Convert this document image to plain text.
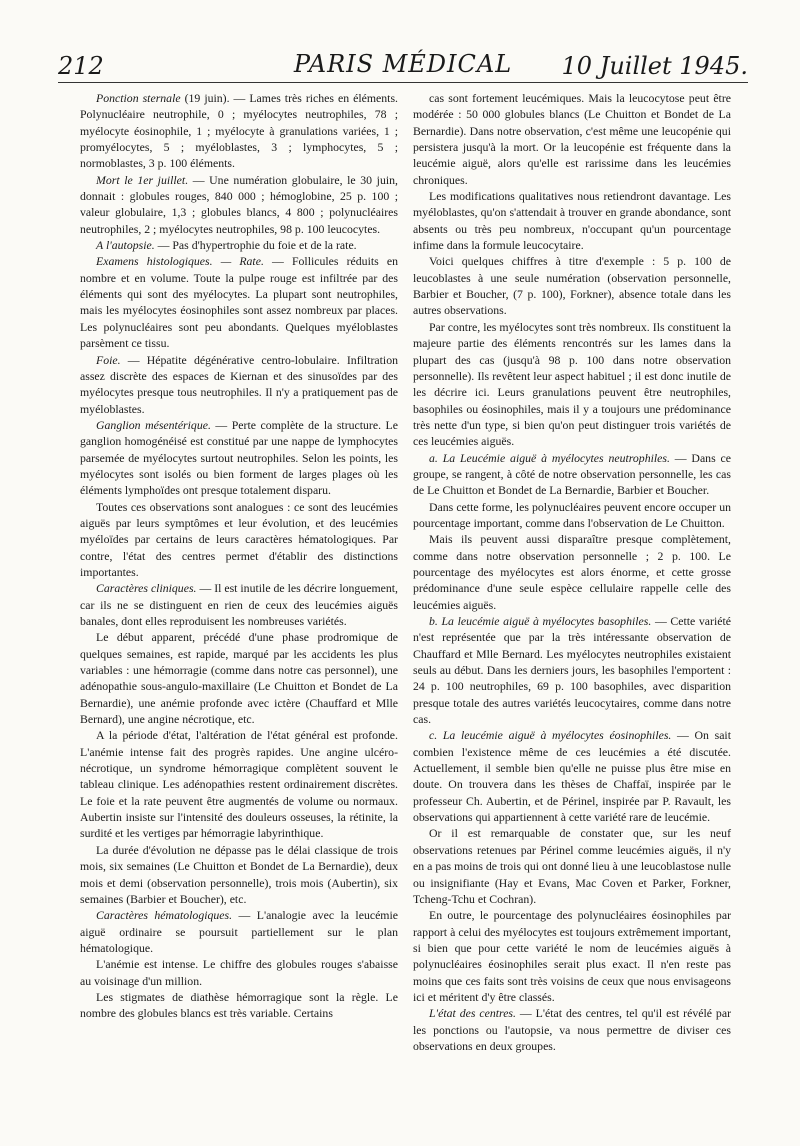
212	PARIS MÉDICAL	10 Juillet 1945.

Ponction sternale (19 juin). — Lames très riches en éléments. Polynucléaire neutrophile, 0 ; myélocytes neutrophiles, 78 ; myélocyte éosinophile, 1 ; myélocyte à granulations variées, 1 ; promyélocytes, 5 ; myéloblastes, 3 ; lymphocytes, 5 ; normoblastes, 3 p. 100 éléments.

Mort le 1er juillet. — Une numération globulaire, le 30 juin, donnait : globules rouges, 840 000 ; hémoglobine, 25 p. 100 ; valeur globulaire, 1,3 ; globules blancs, 4 800 ; polynucléaires neutrophiles, 2 ; myélocytes neutrophiles, 98 p. 100 leucocytes.

A l'autopsie. — Pas d'hypertrophie du foie et de la rate.

Examens histologiques. — Rate. — Follicules réduits en nombre et en volume. Toute la pulpe rouge est infiltrée par des éléments qui sont des myélocytes. La plupart sont neutrophiles, mais les myélocytes éosinophiles sont assez nombreux par places. Les polynucléaires sont peu abondants. Quelques myéloblastes parsèment ce tissu.

Foie. — Hépatite dégénérative centro-lobulaire. Infiltration assez discrète des espaces de Kiernan et des sinusoïdes par des myélocytes presque tous neutrophiles. Il n'y a pratiquement pas de myéloblastes.

Ganglion mésentérique. — Perte complète de la structure. Le ganglion homogénéisé est constitué par une nappe de lymphocytes parsemée de myélocytes surtout neutrophiles. Selon les points, les myélocytes sont isolés ou bien forment de larges plages où les éléments lymphoïdes ont presque totalement disparu.

Toutes ces observations sont analogues : ce sont des leucémies aiguës par leurs symptômes et leur évolution, et des leucémies myéloïdes par certains de leurs caractères hématologiques. Par contre, l'état des centres permet d'établir des distinctions importantes.

Caractères cliniques. — Il est inutile de les décrire longuement, car ils ne se distinguent en rien de ceux des leucémies aiguës banales, dont elles reproduisent les nombreuses variétés.

Le début apparent, précédé d'une phase prodromique de quelques semaines, est rapide, marqué par les accidents les plus variables : une hémorragie (comme dans notre cas personnel), une adénopathie sous-angulo-maxillaire (Le Chuitton et Bondet de La Bernardie), une anémie profonde avec ictère (Chauffard et Mlle Bernard), une angine nécrotique, etc.

A la période d'état, l'altération de l'état général est profonde. L'anémie intense fait des progrès rapides. Une angine ulcéro-nécrotique, un syndrome hémorragique complètent souvent le tableau clinique. Les adénopathies restent ordinairement discrètes. Le foie et la rate peuvent être augmentés de volume ou normaux. Aubertin insiste sur l'intensité des douleurs osseuses, la rétinite, la surdité et les vertiges par hémorragie labyrinthique.

La durée d'évolution ne dépasse pas le délai classique de trois mois, six semaines (Le Chuitton et Bondet de La Bernardie), deux mois et demi (observation personnelle), trois mois (Aubertin), six semaines (Barbier et Boucher), etc.

Caractères hématologiques. — L'analogie avec la leucémie aiguë ordinaire se poursuit partiellement sur le plan hématologique.

L'anémie est intense. Le chiffre des globules rouges s'abaisse au voisinage d'un million.

Les stigmates de diathèse hémorragique sont la règle. Le nombre des globules blancs est très variable. Certains

cas sont fortement leucémiques. Mais la leucocytose peut être modérée : 50 000 globules blancs (Le Chuitton et Bondet de La Bernardie). Dans notre observation, c'est même une leucopénie qui persistera jusqu'à la mort. Or la leucopénie est fréquente dans la leucémie aiguë, alors qu'elle est rarissime dans les leucémies chroniques.

Les modifications qualitatives nous retiendront davantage. Les myéloblastes, qu'on s'attendait à trouver en grande abondance, sont absents ou très peu nombreux, n'occupant qu'un pourcentage infime dans la formule leucocytaire.

Voici quelques chiffres à titre d'exemple : 5 p. 100 de leucoblastes à une seule numération (observation personnelle, Barbier et Boucher, (7 p. 100), Forkner), absence totale dans les autres observations.

Par contre, les myélocytes sont très nombreux. Ils constituent la majeure partie des éléments rencontrés sur les lames dans la plupart des cas (jusqu'à 98 p. 100 dans notre observation personnelle). Ils revêtent leur aspect habituel ; il est donc inutile de les décrire ici. Leurs granulations peuvent être neutrophiles, basophiles ou éosinophiles, mais il y a toujours une prédominance très nette d'un type, si bien qu'on peut distinguer trois variétés de ces leucémies aiguës.

a. La Leucémie aiguë à myélocytes neutrophiles. — Dans ce groupe, se rangent, à côté de notre observation personnelle, les cas de Le Chuitton et Bondet de La Bernardie, Barbier et Boucher.

Dans cette forme, les polynucléaires peuvent encore occuper un pourcentage important, comme dans l'observation de Le Chuitton.

Mais ils peuvent aussi disparaître presque complètement, comme dans notre observation personnelle ; 2 p. 100. Le pourcentage des myélocytes est alors énorme, et cette grosse prédominance d'une seule espèce cellulaire rappelle celle des leucémies aiguës.

b. La leucémie aiguë à myélocytes basophiles. — Cette variété n'est représentée que par la très intéressante observation de Chauffard et Mlle Bernard. Les myélocytes neutrophiles existaient seuls au début. Dans les derniers jours, les basophiles l'emportent : 24 p. 100 neutrophiles, 69 p. 100 basophiles, avec disparition presque totale des autres variétés leucocytaires, comme dans notre cas.

c. La leucémie aiguë à myélocytes éosinophiles. — On sait combien l'existence même de ces leucémies a été discutée. Actuellement, il semble bien qu'elle ne puisse plus être mise en doute. On trouvera dans les thèses de Chaffaï, inspirée par le professeur Ch. Aubertin, et de Périnel, inspirée par P. Ravault, les observations qui appartiennent à cette variété rare de leucémie.

Or il est remarquable de constater que, sur les neuf observations retenues par Périnel comme leucémies aiguës, il n'y en a pas moins de trois qui ont donné lieu à une leucoblastose nulle ou insignifiante (Hay et Evans, Mac Coven et Parker, Forkner, Tcheng-Tchu et Cochran).

En outre, le pourcentage des polynucléaires éosinophiles par rapport à celui des myélocytes est toujours extrêmement important, si bien que pour cette variété le nom de leucémies aiguës à polynucléaires éosinophiles serait plus exact. Il n'en reste pas moins que ces faits sont très voisins de ceux que nous envisageons ici et méritent d'y être classés.

L'état des centres. — L'état des centres, tel qu'il est révélé par les ponctions ou l'autopsie, va nous permettre de diviser ces observations en deux groupes.
